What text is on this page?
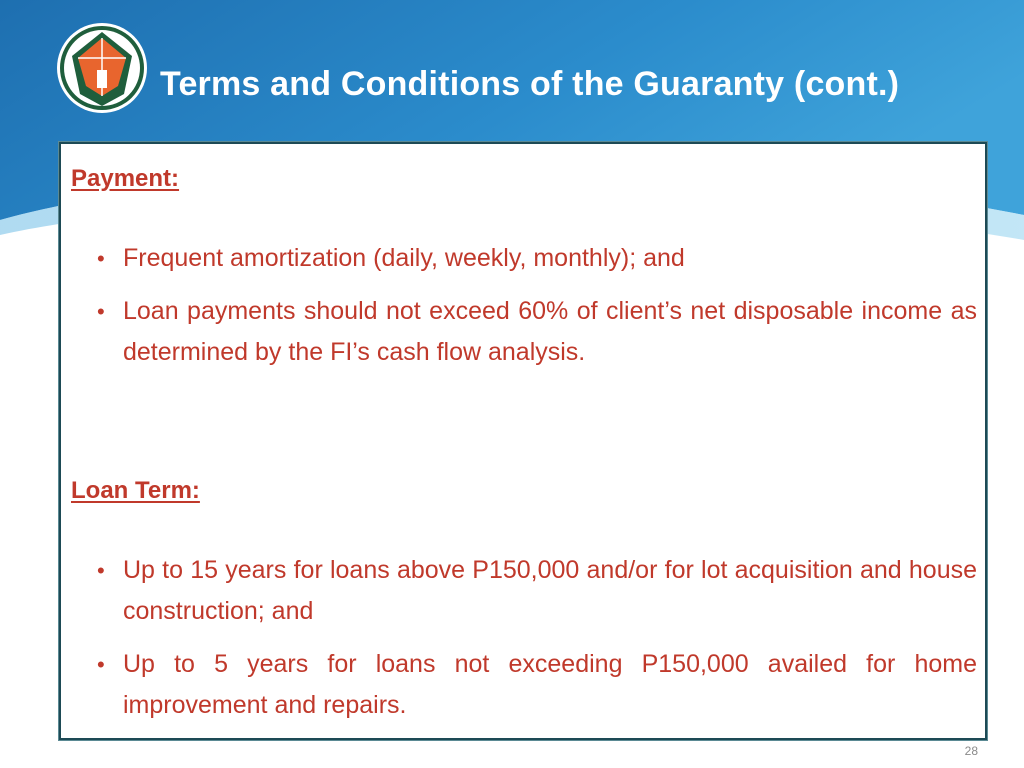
Terms and Conditions of the Guaranty (cont.)
Payment:
• Frequent amortization (daily, weekly, monthly); and
• Loan payments should not exceed 60% of client’s net disposable income as determined by the FI’s cash flow analysis.
Loan Term:
• Up to 15 years for loans above P150,000 and/or for lot acquisition and house construction; and
• Up to 5 years for loans not exceeding P150,000 availed for home improvement and repairs.
28
